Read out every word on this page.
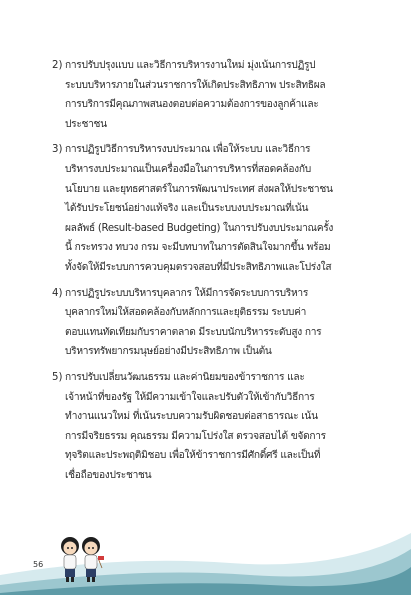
2) การปรับปรุงแบบ และวิธีการบริหารงานใหม่ มุ่งเน้นการปฏิรูป
ระบบบริหารภายในส่วนราชการให้เกิดประสิทธิภาพ ประสิทธิผล
การบริการมีคุณภาพสนองตอบต่อความต้องการของลูกค้าและ
ประชาชน
3) การปฏิรูปวิธีการบริหารงบประมาณ เพื่อให้ระบบ และวิธีการ
บริหารงบประมาณเป็นเครื่องมือในการบริหารที่สอดคล้องกับ
นโยบาย และยุทธศาสตร์ในการพัฒนาประเทศ ส่งผลให้ประชาชน
ได้รับประโยชน์อย่างแท้จริง และเป็นระบบงบประมาณที่เน้น
ผลลัพธ์ (Result-based Budgeting) ในการปรับงบประมาณครั้ง
นี้ กระทรวง ทบวง กรม จะมีบทบาทในการตัดสินใจมากขึ้น พร้อม
ทั้งจัดให้มีระบบการควบคุมตรวจสอบที่มีประสิทธิภาพและโปร่งใส
4) การปฏิรูประบบบริหารบุคลากร ให้มีการจัดระบบการบริหาร
บุคลากรใหม่ให้สอดคล้องกับหลักการและยุติธรรม ระบบค่า
ตอบแทนทัดเทียมกับราคาตลาด มีระบบนักบริหารระดับสูง การ
บริหารทรัพยากรมนุษย์อย่างมีประสิทธิภาพ เป็นต้น
5) การปรับเปลี่ยนวัฒนธรรม และค่านิยมของข้าราชการ และ
เจ้าหน้าที่ของรัฐ ให้มีความเข้าใจและปรับตัวให้เข้ากับวิธีการ
ทำงานแนวใหม่ ที่เน้นระบบความรับผิดชอบต่อสาธารณะ เน้น
การมีจริยธรรม คุณธรรม มีความโปร่งใส ตรวจสอบได้ ขจัดการ
ทุจริตและประพฤติมิชอบ เพื่อให้ข้าราชการมีศักดิ์ศรี และเป็นที่
เชื่อถือของประชาชน
56
